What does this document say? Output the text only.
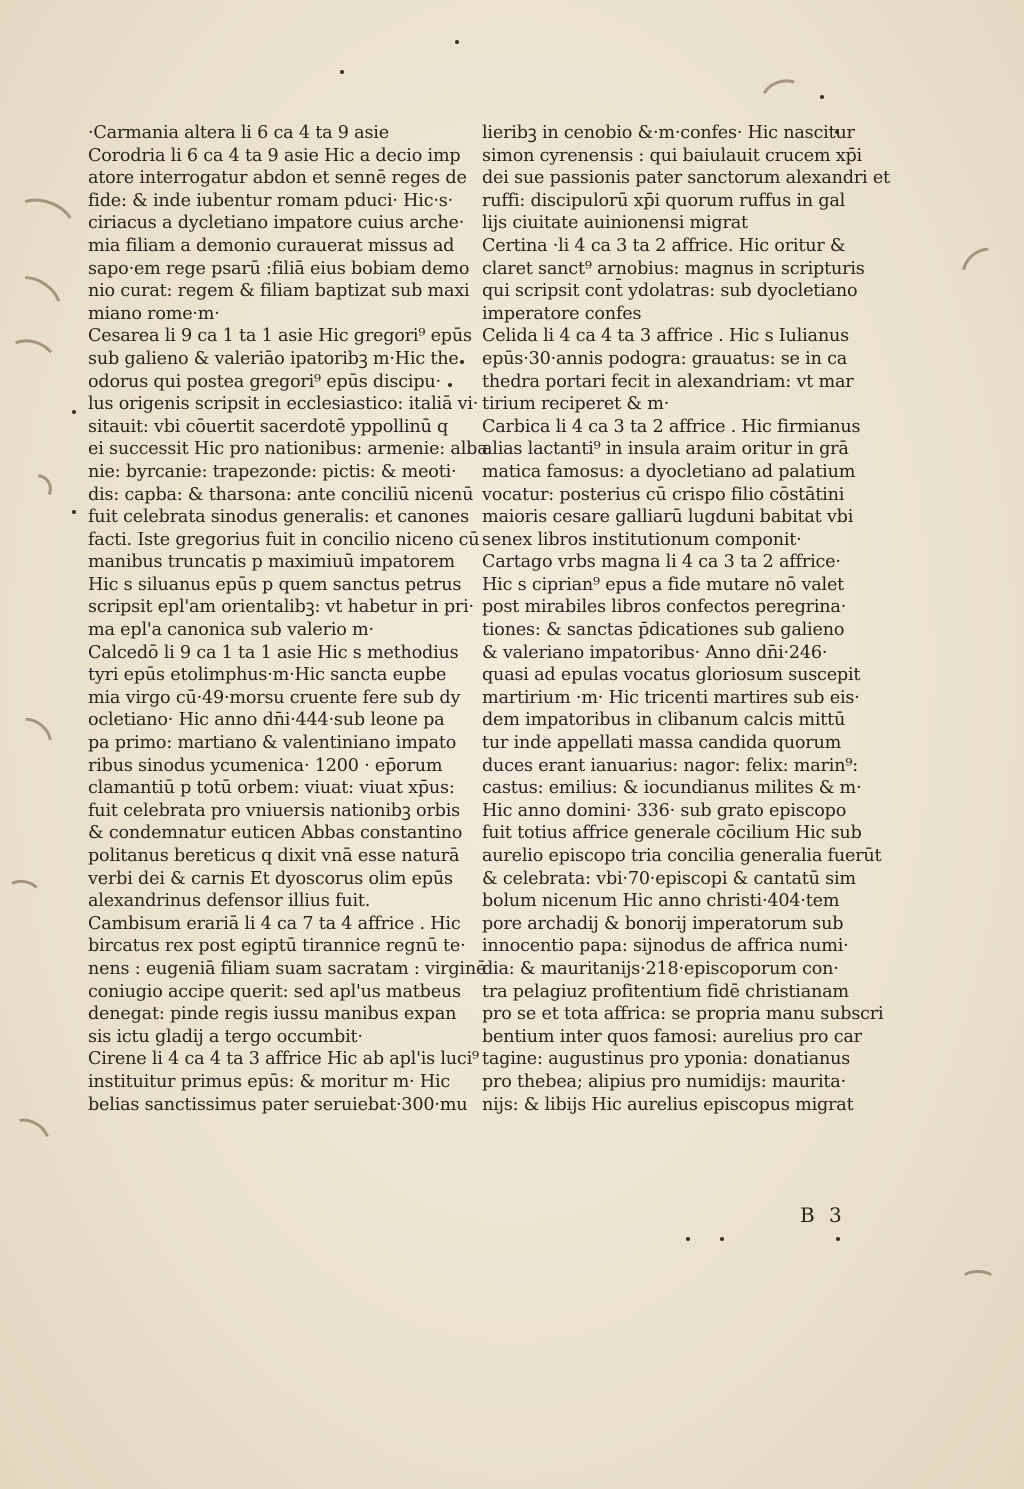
·Carmania altera li 6 ca 4 ta 9 asie
Corodria li 6 ca 4 ta 9 asie Hic a decio imp
atore interrogatur abdon et sennē reges de
fide: & inde iubentur romam pduci· Hic·s·
ciriacus a dycletiano impatore cuius arche·
mia filiam a demonio curauerat missus ad
sapo·em rege psarū :filiā eius bobiam demo
nio curat: regem & filiam baptizat sub maxi
miano rome·m·
Cesarea li 9 ca 1 ta 1 asie Hic gregori⁹ epūs
sub galieno & valeriāo ipatoribꝫ m·Hic the
odorus qui postea gregori⁹ epūs discipu·
lus origenis scripsit in ecclesiastico: italiā vi·
sitauit: vbi cōuertit sacerdotē yppollinū q
ei successit Hic pro nationibus: armenie: alba
nie: byrcanie: trapezonde: pictis: & meoti·
dis: capba: & tharsona: ante conciliū nicenū
fuit celebrata sinodus generalis: et canones
facti. Iste gregorius fuit in concilio niceno cū
manibus truncatis p maximiuū impatorem
Hic s siluanus epūs p quem sanctus petrus
scripsit epl'am orientalibꝫ: vt habetur in pri·
ma epl'a canonica sub valerio m·
Calcedō li 9 ca 1 ta 1 asie Hic s methodius
tyri epūs etolimphus·m·Hic sancta eupbe
mia virgo cū·49·morsu cruente fere sub dy
ocletiano· Hic anno dn̄i·444·sub leone pa
pa primo: martiano & valentiniano impato
ribus sinodus ycumenica· 1200 · ep̄orum
clamantiū p totū orbem: viuat: viuat xp̄us:
fuit celebrata pro vniuersis nationibꝫ orbis
& condemnatur euticen Abbas constantino
politanus bereticus q dixit vnā esse naturā
verbi dei & carnis Et dyoscorus olim epūs
alexandrinus defensor illius fuit.
Cambisum erariā li 4 ca 7 ta 4 affrice . Hic
bircatus rex post egiptū tirannice regnū te·
nens : eugeniā filiam suam sacratam : virginē
coniugio accipe querit: sed apl'us matbeus
denegat: pinde regis iussu manibus expan
sis ictu gladij a tergo occumbit·
Cirene li 4 ca 4 ta 3 affrice Hic ab apl'is luci⁹
instituitur primus epūs: & moritur m· Hic
belias sanctissimus pater seruiebat·300·mu
lieribꝫ in cenobio &·m·confes· Hic nascitur
simon cyrenensis : qui baiulauit crucem xp̄i
dei sue passionis pater sanctorum alexandri et
ruffi: discipulorū xp̄i quorum ruffus in gal
lijs ciuitate auinionensi migrat
Certina ·li 4 ca 3 ta 2 affrice. Hic oritur &
claret sanct⁹ arnobius: magnus in scripturis
qui scripsit cont̄ ydolatras: sub dyocletiano
imperatore confes
Celida li 4 ca 4 ta 3 affrice . Hic s Iulianus
epūs·30·annis podogra: grauatus: se in ca
thedra portari fecit in alexandriam: vt mar
tirium reciperet & m·
Carbica li 4 ca 3 ta 2 affrice . Hic firmianus
alias lactanti⁹ in insula araim oritur in grā
matica famosus: a dyocletiano ad palatium
vocatur: posterius cū crispo filio cōstātini
maioris cesare galliarū lugduni babitat vbi
senex libros institutionum componit·
Cartago vrbs magna li 4 ca 3 ta 2 affrice·
Hic s ciprian⁹ epus a fide mutare nō valet
post mirabiles libros confectos peregrina·
tiones: & sanctas p̄dicationes sub galieno
& valeriano impatoribus· Anno dn̄i·246·
quasi ad epulas vocatus gloriosum suscepit
martirium ·m· Hic tricenti martires sub eis·
dem impatoribus in clibanum calcis mittū
tur inde appellati massa candida quorum
duces erant ianuarius: nagor: felix: marin⁹:
castus: emilius: & iocundianus milites & m·
Hic anno domini· 336· sub grato episcopo
fuit totius affrice generale cōcilium Hic sub
aurelio episcopo tria concilia generalia fuerūt
& celebrata: vbi·70·episcopi & cantatū sim
bolum nicenum Hic anno christi·404·tem
pore archadij & bonorij imperatorum sub
innocentio papa: sijnodus de affrica numi·
dia: & mauritanijs·218·episcoporum con·
tra pelagiuz profitentium fidē christianam
pro se et tota affrica: se propria manu subscri
bentium inter quos famosi: aurelius pro car
tagine: augustinus pro yponia: donatianus
pro thebea; alipius pro numidijs: maurita·
nijs: & libijs Hic aurelius episcopus migrat
B 3
